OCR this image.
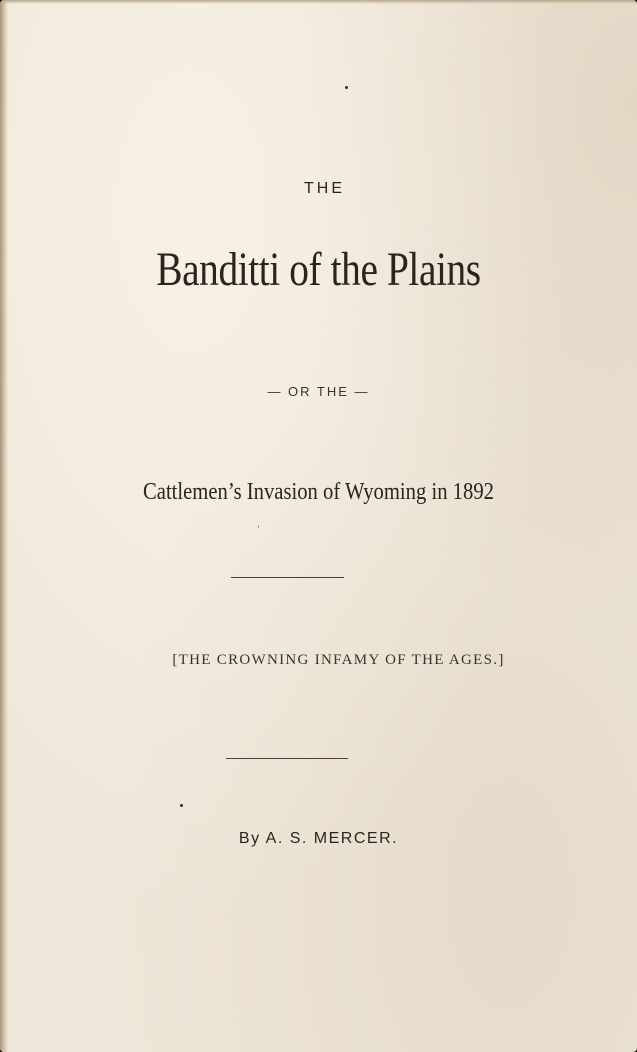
THE
Banditti of the Plains
— OR THE —
Cattlemen’s Invasion of Wyoming in 1892
[THE CROWNING INFAMY OF THE AGES.]
By A. S. MERCER.
